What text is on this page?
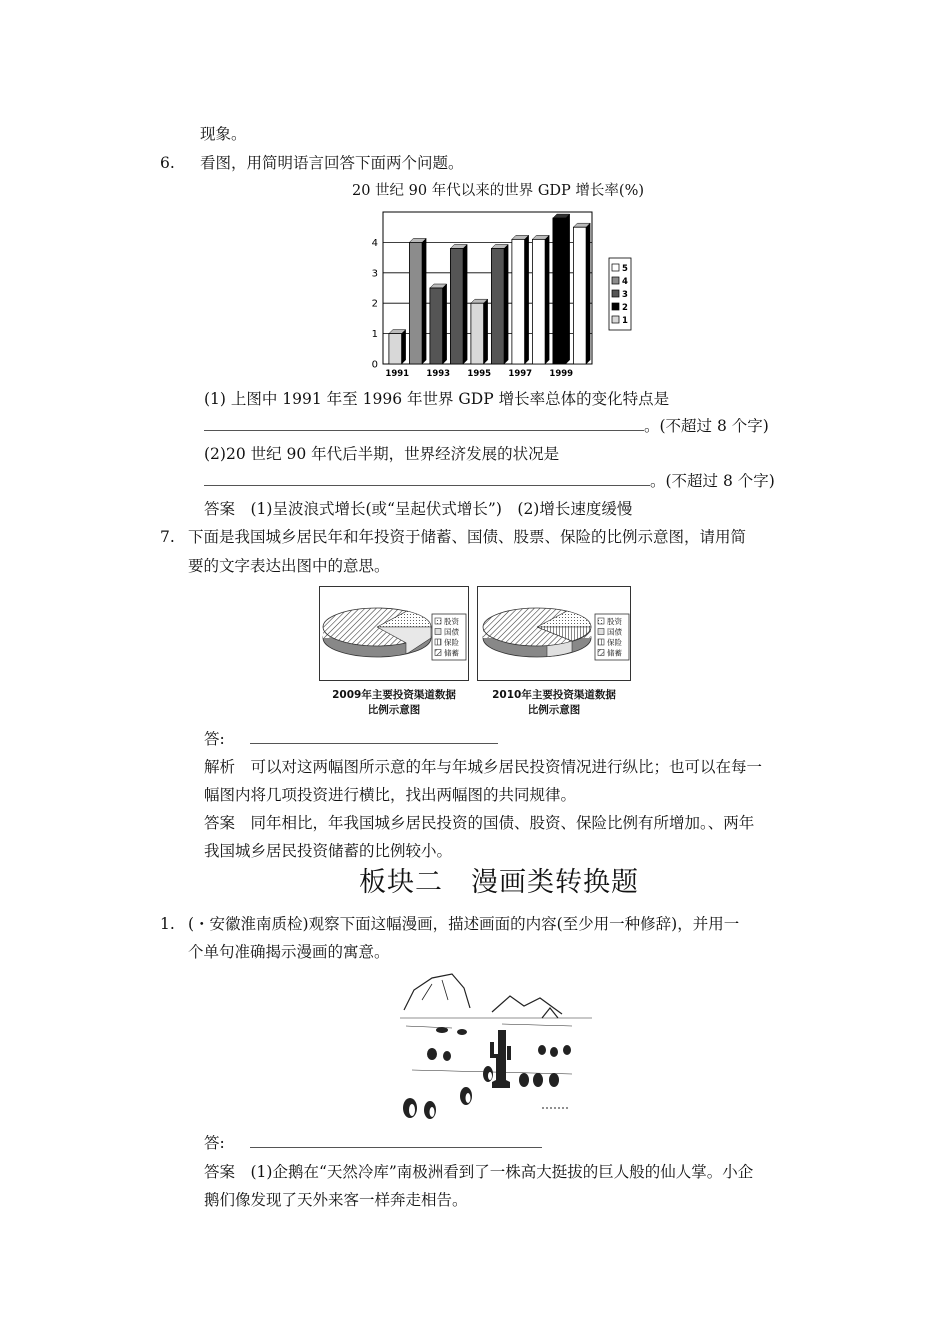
现象。
6. 看图，用简明语言回答下面两个问题。
20 世纪 90 年代以来的世界 GDP 增长率(%)
0
1
2
3
4
1991 1993 1995 1997 1999
5
4
3
2
1
(1) 上图中 1991 年至 1996 年世界 GDP 增长率总体的变化特点是
。(不超过 8 个字)
(2)20 世纪 90 年代后半期，世界经济发展的状况是
。(不超过 8 个字)
答案　(1)呈波浪式增长(或“呈起伏式增长”)　(2)增长速度缓慢
7. 下面是我国城乡居民年和年投资于储蓄、国债、股票、保险的比例示意图，请用简
要的文字表达出图中的意思。
股资
国债
保险
储蓄
股资
国债
保险
储蓄
2009年主要投资渠道数据
比例示意图
2010年主要投资渠道数据
比例示意图
答:
解析　可以对这两幅图所示意的年与年城乡居民投资情况进行纵比；也可以在每一
幅图内将几项投资进行横比，找出两幅图的共同规律。
答案　同年相比，年我国城乡居民投资的国债、股资、保险比例有所增加。、两年
我国城乡居民投资储蓄的比例较小。
板块二　漫画类转换题
1. (・安徽淮南质检)观察下面这幅漫画，描述画面的内容(至少用一种修辞)，并用一
个单句准确揭示漫画的寓意。
答:
答案　(1)企鹅在“天然冷库”南极洲看到了一株高大挺拔的巨人般的仙人掌。小企
鹅们像发现了天外来客一样奔走相告。
